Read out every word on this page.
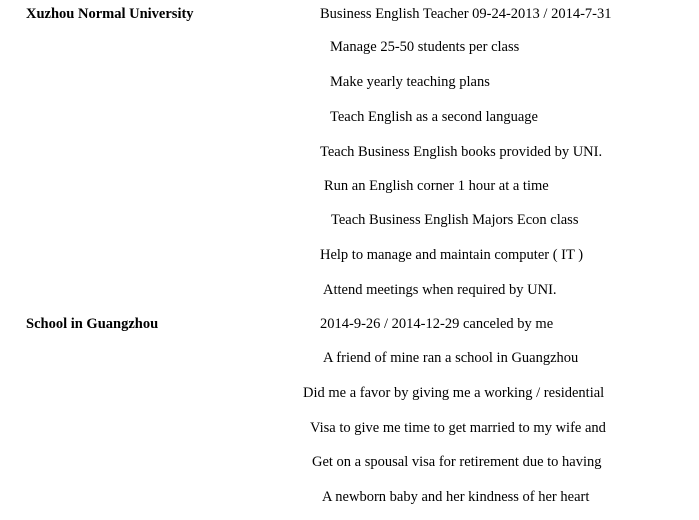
Xuzhou Normal University	Business English Teacher 09-24-2013 / 2014-7-31
Manage 25-50 students per class
Make yearly teaching plans
Teach English as a second language
Teach Business English books provided by UNI.
Run an English corner 1 hour at a time
Teach Business English Majors Econ class
Help to manage and maintain computer ( IT )
Attend meetings when required by UNI.
School in Guangzhou	2014-9-26 / 2014-12-29 canceled by me
A friend of mine ran a school in Guangzhou
Did me a favor by giving me a working / residential
Visa to give me time to get married to my wife and
Get on a spousal visa for retirement due to having
A newborn baby and her kindness of her heart
